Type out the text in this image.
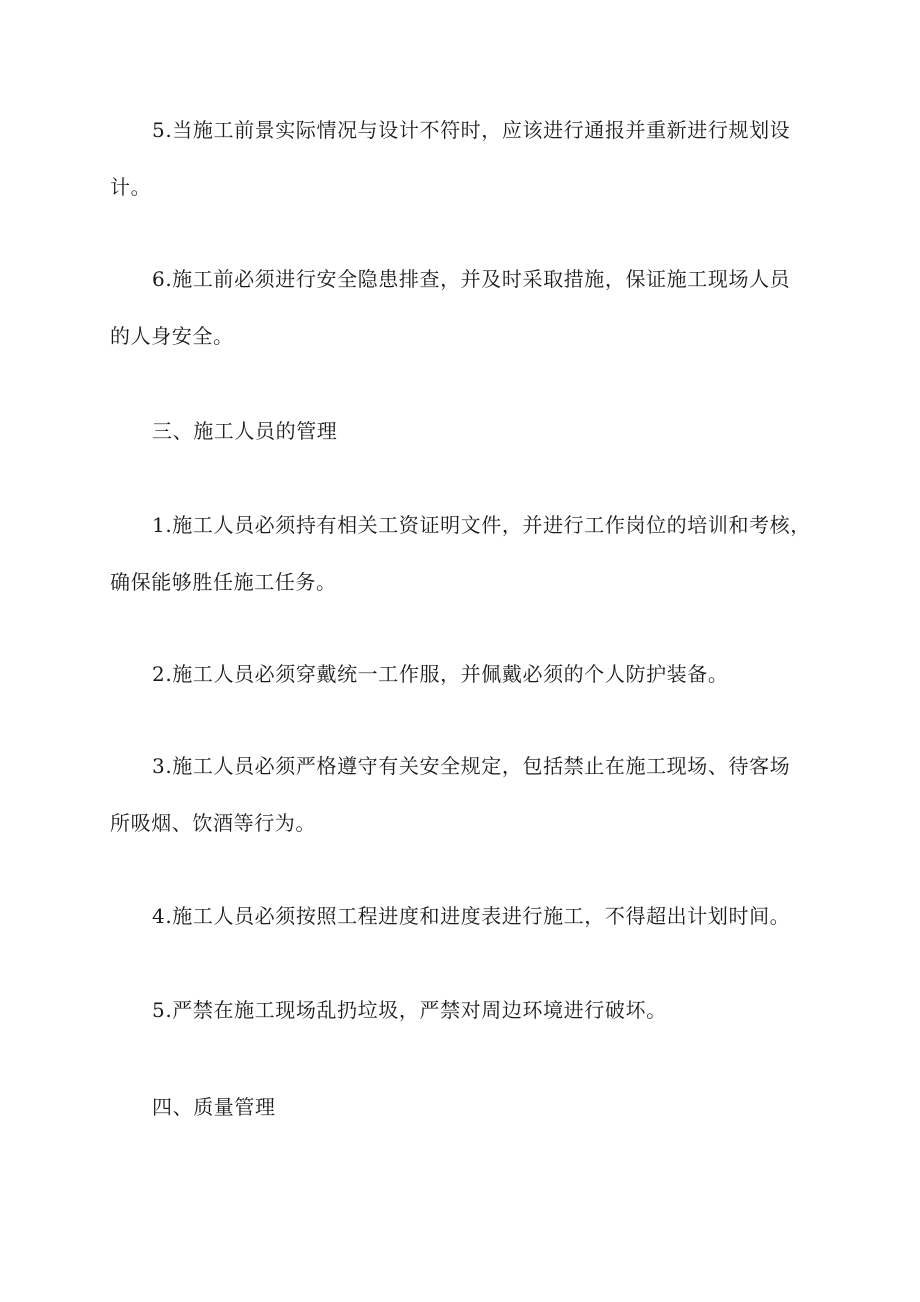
5.当施工前景实际情况与设计不符时，应该进行通报并重新进行规划设
计。

6.施工前必须进行安全隐患排查，并及时采取措施，保证施工现场人员
的人身安全。

三、施工人员的管理

1.施工人员必须持有相关工资证明文件，并进行工作岗位的培训和考核，
确保能够胜任施工任务。

2.施工人员必须穿戴统一工作服，并佩戴必须的个人防护装备。

3.施工人员必须严格遵守有关安全规定，包括禁止在施工现场、待客场
所吸烟、饮酒等行为。

4.施工人员必须按照工程进度和进度表进行施工，不得超出计划时间。

5.严禁在施工现场乱扔垃圾，严禁对周边环境进行破坏。

四、质量管理
